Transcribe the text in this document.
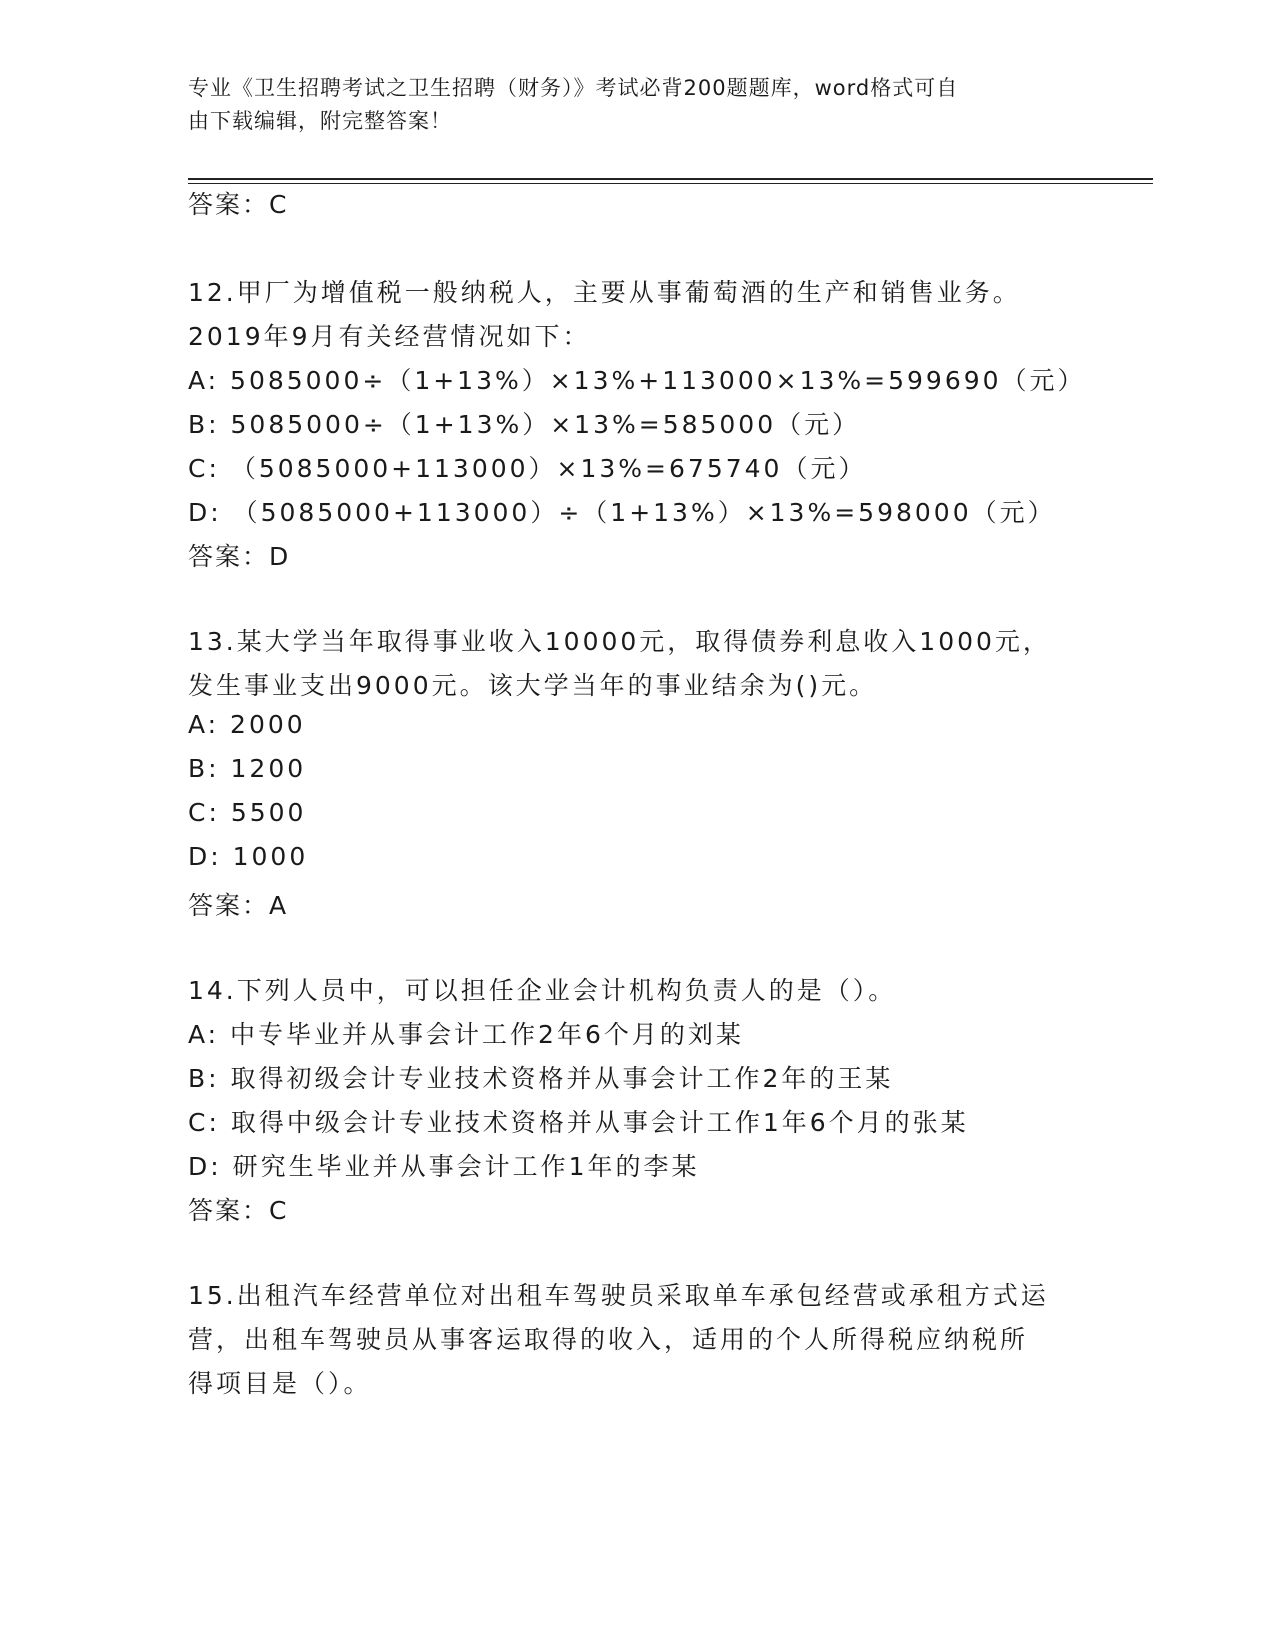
专业《卫生招聘考试之卫生招聘（财务）》考试必背200题题库，word格式可自
由下载编辑，附完整答案！
答案：C
12.甲厂为增值税一般纳税人，主要从事葡萄酒的生产和销售业务。
2019年9月有关经营情况如下：
A: 5085000÷（1+13%）×13%+113000×13%=599690（元）
B: 5085000÷（1+13%）×13%=585000（元）
C: （5085000+113000）×13%=675740（元）
D: （5085000+113000）÷（1+13%）×13%=598000（元）
答案：D
13.某大学当年取得事业收入10000元，取得债券利息收入1000元，
发生事业支出9000元。该大学当年的事业结余为()元。
A: 2000
B: 1200
C: 5500
D: 1000
答案：A
14.下列人员中，可以担任企业会计机构负责人的是（）。
A: 中专毕业并从事会计工作2年6个月的刘某
B: 取得初级会计专业技术资格并从事会计工作2年的王某
C: 取得中级会计专业技术资格并从事会计工作1年6个月的张某
D: 研究生毕业并从事会计工作1年的李某
答案：C
15.出租汽车经营单位对出租车驾驶员采取单车承包经营或承租方式运
营，出租车驾驶员从事客运取得的收入，适用的个人所得税应纳税所
得项目是（）。
